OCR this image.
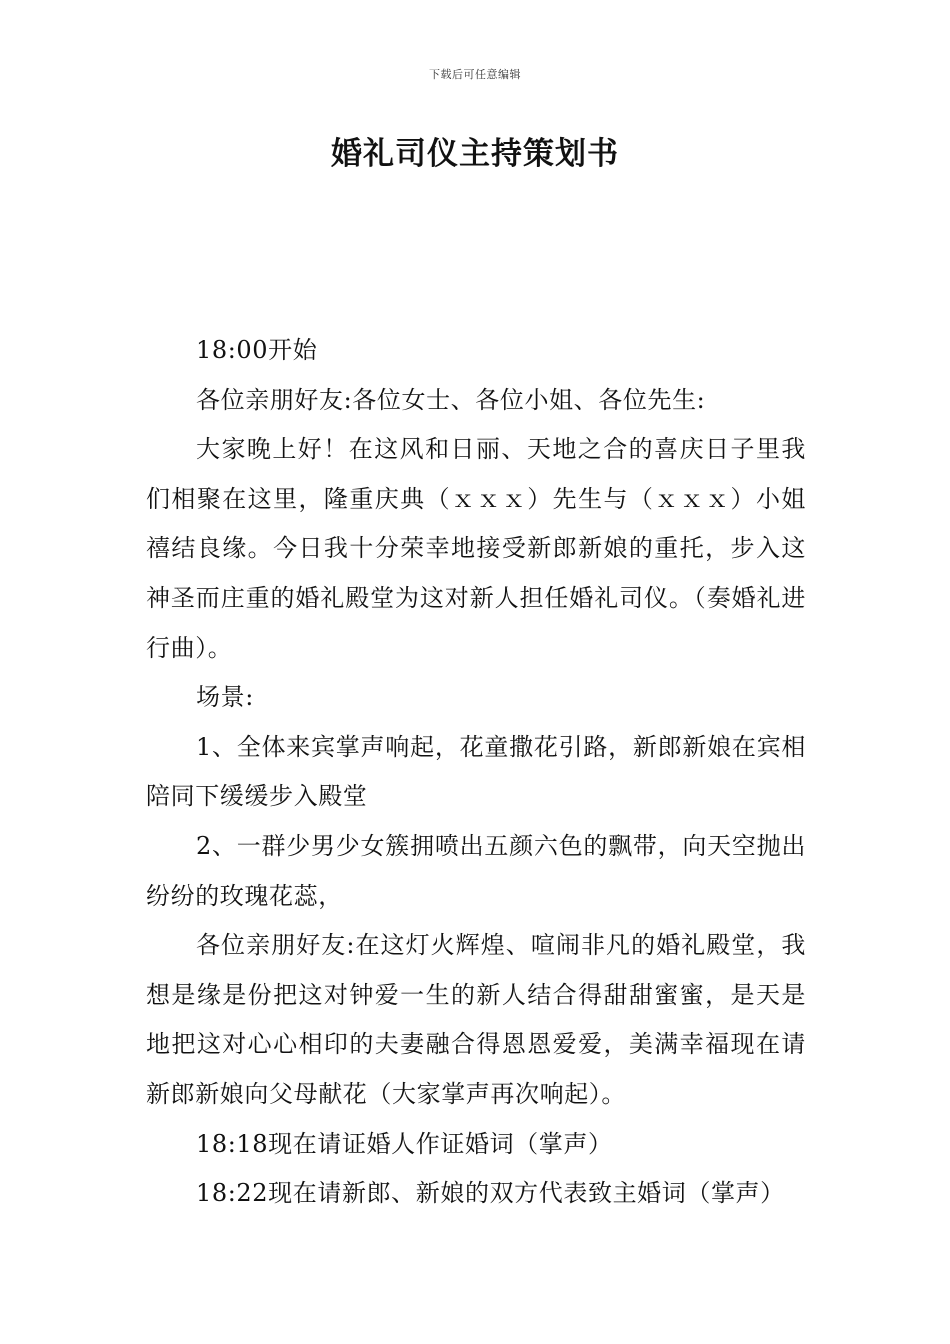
下载后可任意编辑
婚礼司仪主持策划书

18:00开始

各位亲朋好友:各位女士、各位小姐、各位先生:

大家晚上好！在这风和日丽、天地之合的喜庆日子里我们相聚在这里，隆重庆典（ｘｘｘ）先生与（ｘｘｘ）小姐禧结良缘。今日我十分荣幸地接受新郎新娘的重托，步入这神圣而庄重的婚礼殿堂为这对新人担任婚礼司仪。（奏婚礼进行曲）。

场景:

1、全体来宾掌声响起，花童撒花引路，新郎新娘在宾相陪同下缓缓步入殿堂

2、一群少男少女簇拥喷出五颜六色的飘带，向天空抛出纷纷的玫瑰花蕊，

各位亲朋好友:在这灯火辉煌、喧闹非凡的婚礼殿堂，我想是缘是份把这对钟爱一生的新人结合得甜甜蜜蜜，是天是地把这对心心相印的夫妻融合得恩恩爱爱，美满幸福现在请新郎新娘向父母献花（大家掌声再次响起）。

18:18现在请证婚人作证婚词（掌声）

18:22现在请新郎、新娘的双方代表致主婚词（掌声）
